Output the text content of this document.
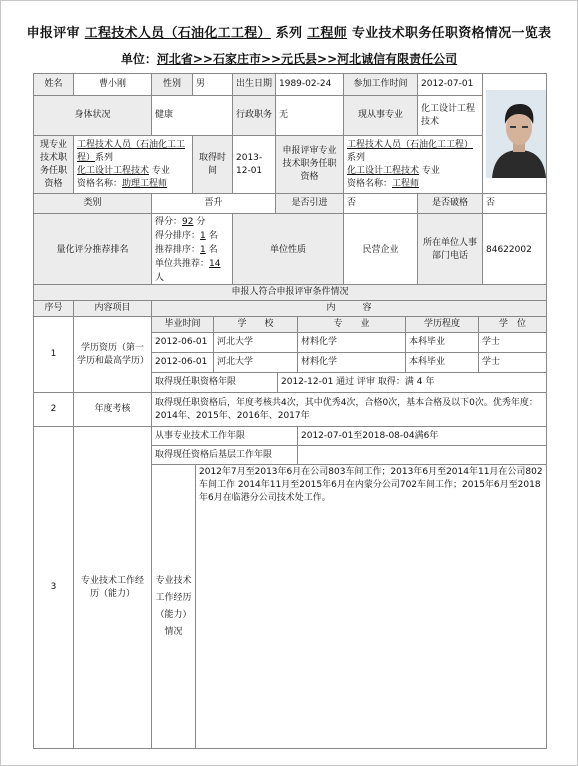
申报评审 工程技术人员（石油化工工程） 系列 工程师 专业技术职务任职资格情况一览表
单位：河北省>>石家庄市>>元氏县>>河北诚信有限责任公司
姓名	曹小刚	性别	男	出生日期	1989-02-24	参加工作时间	2012-07-01	

身体状况		健康		行政职务	无	现从事专业	化工设计工程技术	
现专业技术职务任职资格	工程技术人员（石油化工工程）系列
化工设计工程技术 专业
资格名称：助理工程师		取得时间	2013-12-01	申报评审专业技术职务任职资格	工程技术人员（石油化工工程）系列
化工设计工程技术 专业
资格名称：工程师		
类别		晋升			是否引进	否	是否破格	否
量化评分推荐排名		得分：92 分
得分排序：1 名
推荐排序：1 名
单位共推荐：14 人		单位性质		民营企业	所在单位人事部门电话	84622002
申报人符合申报评审条件情况								
序号	内容项目	内　　　容						
1	学历资历（第一学历和最高学历）	毕业时间		学　　校		专　　业	学历程度	学　位
		2012-06-01		河北大学		材料化学	本科毕业	学士
		2012-06-01		河北大学		材料化学	本科毕业	学士
		取得现任职资格年限			2012-12-01 通过 评审 取得：满 4 年			
2	年度考核	取得现任职资格后，年度考核共4次，其中优秀4次，合格0次，基本合格及以下0次。优秀年度：2014年、2015年、2016年、2017年						
3	专业技术工作经历（能力）	从事专业技术工作年限				2012-07-01至2018-08-04满6年		
		取得现任资格后基层工作年限						
		专业技术工作经历（能力）情况	2012年7月至2013年6月在公司803车间工作；2013年6月至2014年11月在公司802车间工作 2014年11月至2015年6月在内蒙分公司702车间工作；2015年6月至2018年6月在临港分公司技术处工作。					
